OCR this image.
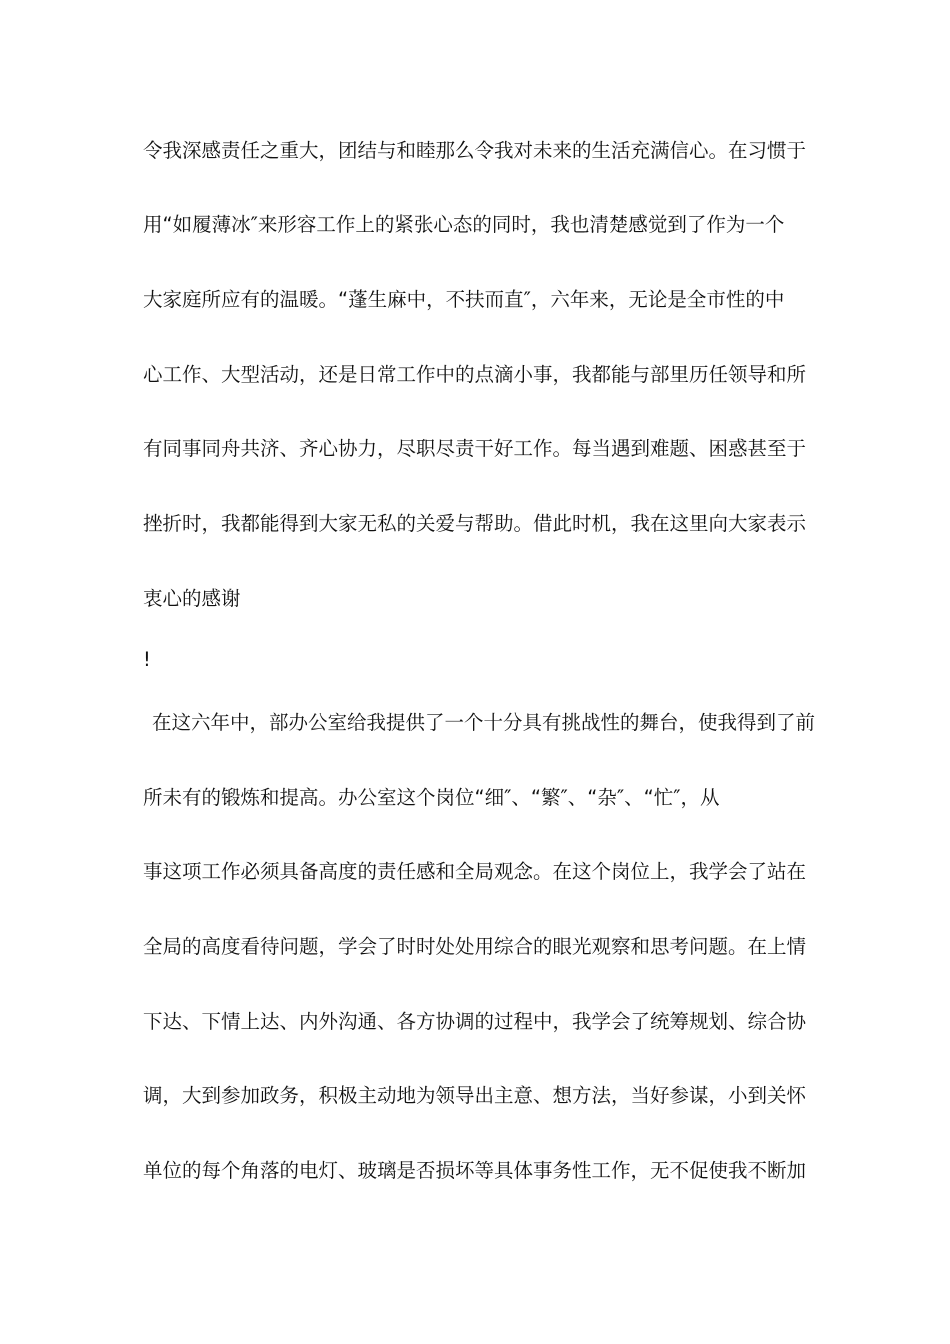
令我深感责任之重大，团结与和睦那么令我对未来的生活充满信心。在习惯于
用“如履薄冰″来形容工作上的紧张心态的同时，我也清楚感觉到了作为一个
大家庭所应有的温暖。“蓬生麻中，不扶而直″，六年来，无论是全市性的中
心工作、大型活动，还是日常工作中的点滴小事，我都能与部里历任领导和所
有同事同舟共济、齐心协力，尽职尽责干好工作。每当遇到难题、困惑甚至于
挫折时，我都能得到大家无私的关爱与帮助。借此时机，我在这里向大家表示
衷心的感谢
!
在这六年中，部办公室给我提供了一个十分具有挑战性的舞台，使我得到了前
所未有的锻炼和提高。办公室这个岗位“细″、“繁″、“杂″、“忙″，从
事这项工作必须具备高度的责任感和全局观念。在这个岗位上，我学会了站在
全局的高度看待问题，学会了时时处处用综合的眼光观察和思考问题。在上情
下达、下情上达、内外沟通、各方协调的过程中，我学会了统筹规划、综合协
调，大到参加政务，积极主动地为领导出主意、想方法，当好参谋，小到关怀
单位的每个角落的电灯、玻璃是否损坏等具体事务性工作，无不促使我不断加
